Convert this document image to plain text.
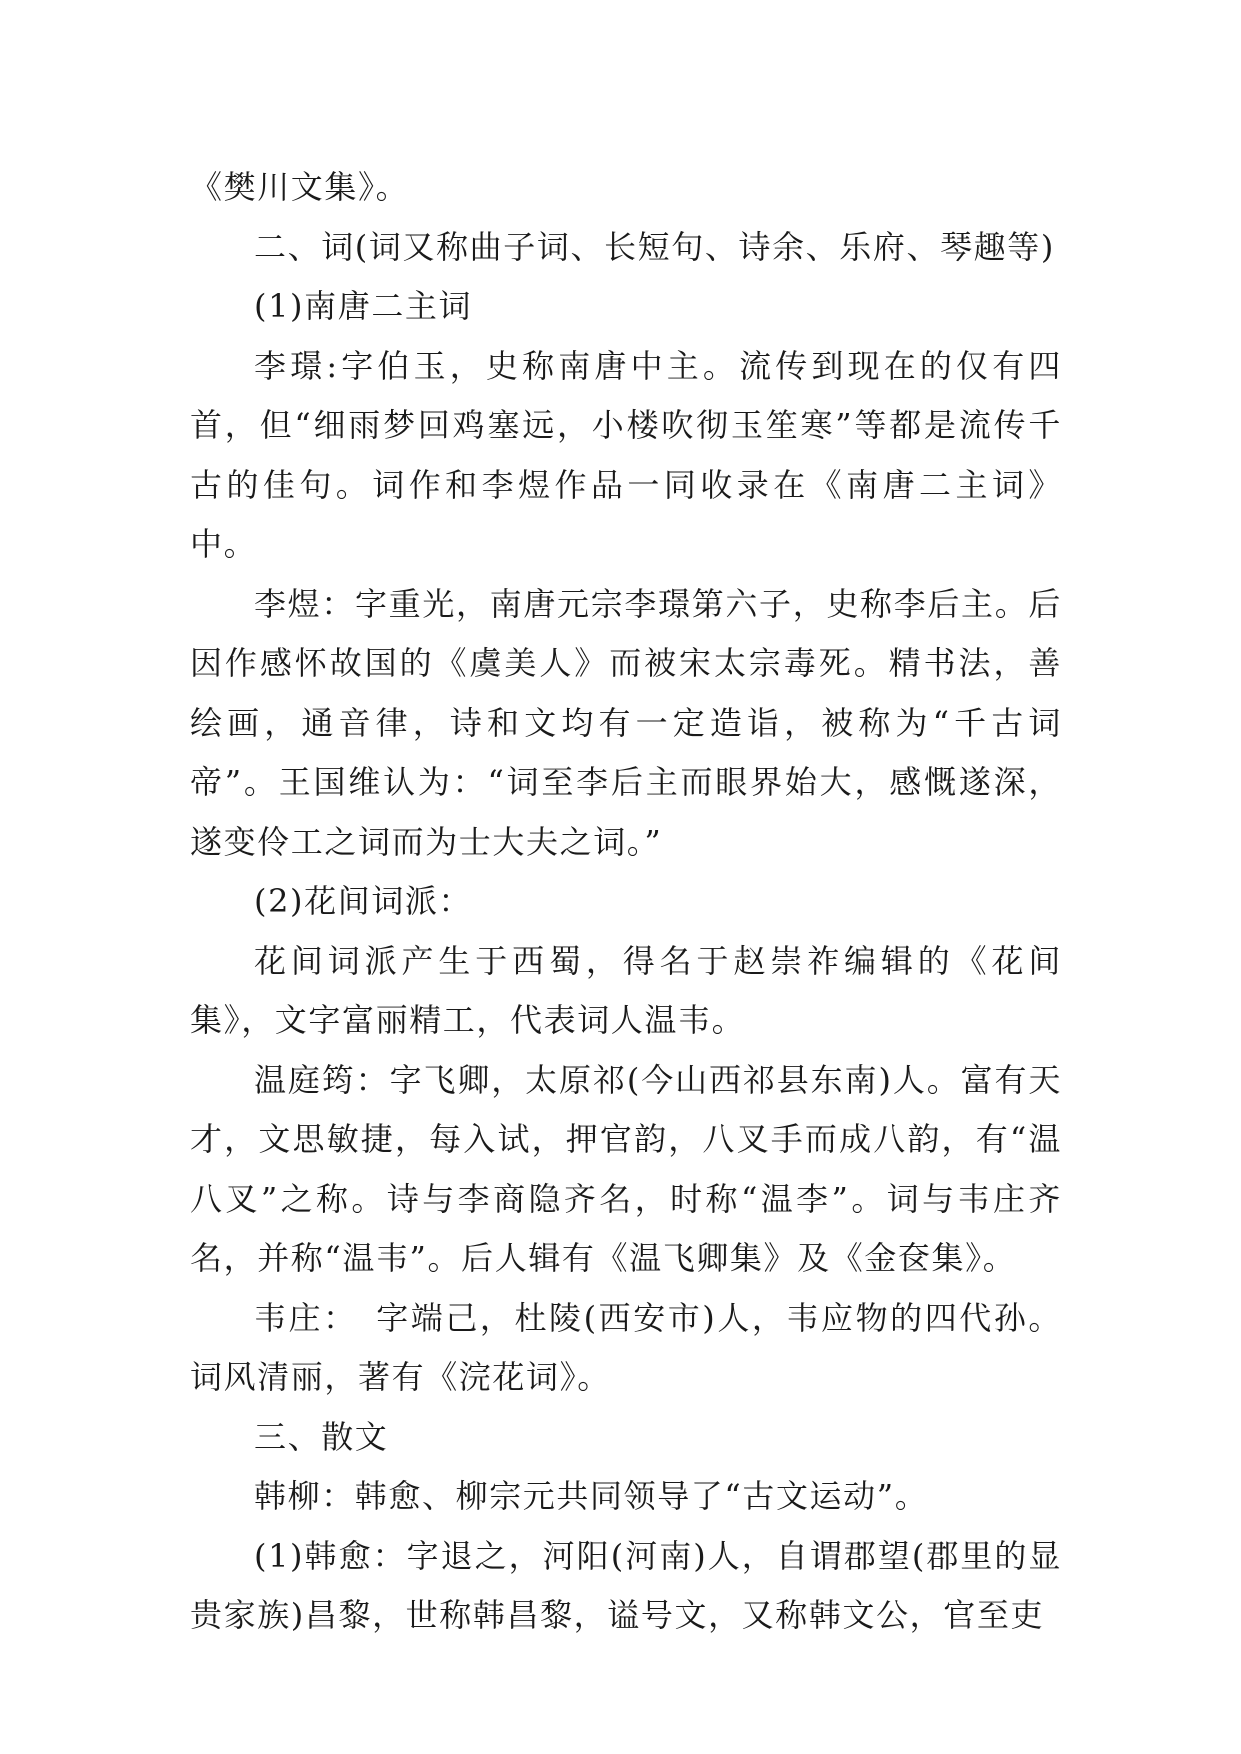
《樊川文集》。

二、词(词又称曲子词、长短句、诗余、乐府、琴趣等)

(1)南唐二主词

李璟:字伯玉，史称南唐中主。流传到现在的仅有四首，但“细雨梦回鸡塞远，小楼吹彻玉笙寒”等都是流传千古的佳句。词作和李煜作品一同收录在《南唐二主词》中。

李煜：字重光，南唐元宗李璟第六子，史称李后主。后因作感怀故国的《虞美人》而被宋太宗毒死。精书法，善绘画，通音律，诗和文均有一定造诣，被称为“千古词帝”。王国维认为：“词至李后主而眼界始大，感慨遂深，遂变伶工之词而为士大夫之词。”

(2)花间词派：

花间词派产生于西蜀，得名于赵崇祚编辑的《花间集》，文字富丽精工，代表词人温韦。

温庭筠：字飞卿，太原祁(今山西祁县东南)人。富有天才，文思敏捷，每入试，押官韵，八叉手而成八韵，有“温八叉”之称。诗与李商隐齐名，时称“温李”。词与韦庄齐名，并称“温韦”。后人辑有《温飞卿集》及《金奁集》。

韦庄：　字端己，杜陵(西安市)人，韦应物的四代孙。词风清丽，著有《浣花词》。

三、散文

韩柳：韩愈、柳宗元共同领导了“古文运动”。

(1)韩愈：字退之，河阳(河南)人，自谓郡望(郡里的显贵家族)昌黎，世称韩昌黎，谥号文，又称韩文公，官至吏
